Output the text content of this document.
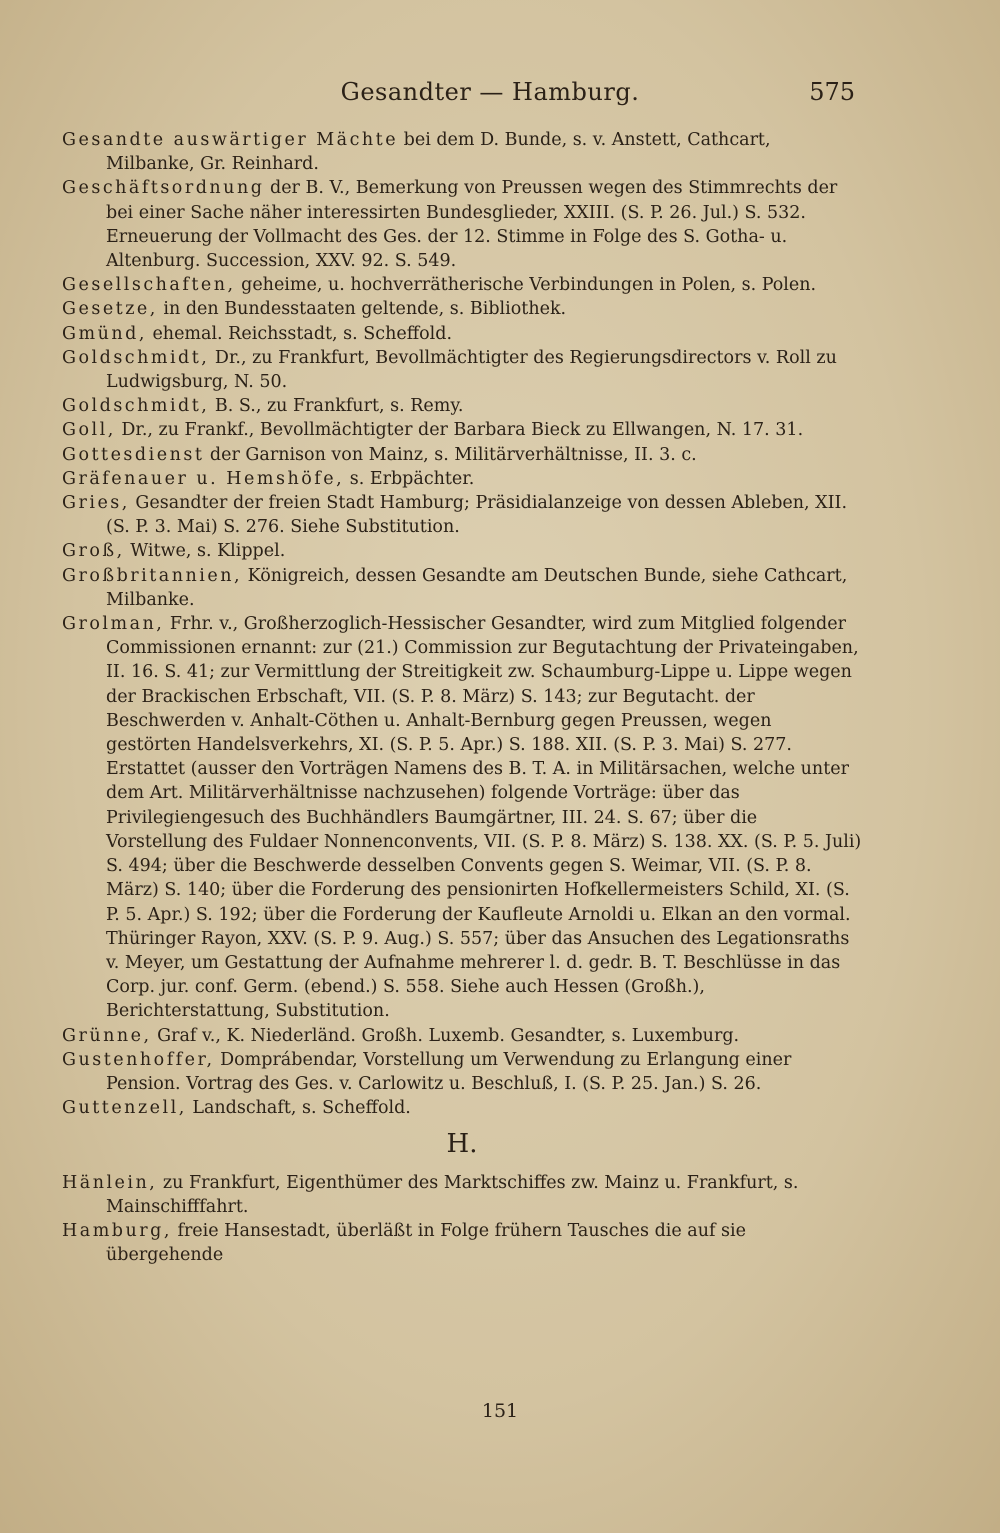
Gesandter — Hamburg.	575

Gesandte auswärtiger Mächte bei dem D. Bunde, s. v. Anstett, Cathcart, Milbanke, Gr. Reinhard.

Geschäftsordnung der B. V., Bemerkung von Preussen wegen des Stimmrechts der bei einer Sache näher interessirten Bundesglieder, XXIII. (S. P. 26. Jul.) S. 532. Erneuerung der Vollmacht des Ges. der 12. Stimme in Folge des S. Gotha- u. Altenburg. Succession, XXV. 92. S. 549.

Gesellschaften, geheime, u. hochverrätherische Verbindungen in Polen, s. Polen.

Gesetze, in den Bundesstaaten geltende, s. Bibliothek.

Gmünd, ehemal. Reichsstadt, s. Scheffold.

Goldschmidt, Dr., zu Frankfurt, Bevollmächtigter des Regierungsdirectors v. Roll zu Ludwigsburg, N. 50.

Goldschmidt, B. S., zu Frankfurt, s. Remy.

Goll, Dr., zu Frankf., Bevollmächtigter der Barbara Bieck zu Ellwangen, N. 17. 31.

Gottesdienst der Garnison von Mainz, s. Militärverhältnisse, II. 3. c.

Gräfenauer u. Hemshöfe, s. Erbpächter.

Gries, Gesandter der freien Stadt Hamburg; Präsidialanzeige von dessen Ableben, XII. (S. P. 3. Mai) S. 276. Siehe Substitution.

Groß, Witwe, s. Klippel.

Großbritannien, Königreich, dessen Gesandte am Deutschen Bunde, siehe Cathcart, Milbanke.

Grolman, Frhr. v., Großherzoglich-Hessischer Gesandter, wird zum Mitglied folgender Commissionen ernannt: zur (21.) Commission zur Begutachtung der Privateingaben, II. 16. S. 41; zur Vermittlung der Streitigkeit zw. Schaumburg-Lippe u. Lippe wegen der Brackischen Erbschaft, VII. (S. P. 8. März) S. 143; zur Begutacht. der Beschwerden v. Anhalt-Cöthen u. Anhalt-Bernburg gegen Preussen, wegen gestörten Handelsverkehrs, XI. (S. P. 5. Apr.) S. 188. XII. (S. P. 3. Mai) S. 277. Erstattet (ausser den Vorträgen Namens des B. T. A. in Militärsachen, welche unter dem Art. Militärverhältnisse nachzusehen) folgende Vorträge: über das Privilegiengesuch des Buchhändlers Baumgärtner, III. 24. S. 67; über die Vorstellung des Fuldaer Nonnenconvents, VII. (S. P. 8. März) S. 138. XX. (S. P. 5. Juli) S. 494; über die Beschwerde desselben Convents gegen S. Weimar, VII. (S. P. 8. März) S. 140; über die Forderung des pensionirten Hofkellermeisters Schild, XI. (S. P. 5. Apr.) S. 192; über die Forderung der Kaufleute Arnoldi u. Elkan an den vormal. Thüringer Rayon, XXV. (S. P. 9. Aug.) S. 557; über das Ansuchen des Legationsraths v. Meyer, um Gestattung der Aufnahme mehrerer l. d. gedr. B. T. Beschlüsse in das Corp. jur. conf. Germ. (ebend.) S. 558. Siehe auch Hessen (Großh.), Berichterstattung, Substitution.

Grünne, Graf v., K. Niederländ. Großh. Luxemb. Gesandter, s. Luxemburg.

Gustenhoffer, Domprábendar, Vorstellung um Verwendung zu Erlangung einer Pension. Vortrag des Ges. v. Carlowitz u. Beschluß, I. (S. P. 25. Jan.) S. 26.

Guttenzell, Landschaft, s. Scheffold.

H.

Hänlein, zu Frankfurt, Eigenthümer des Marktschiffes zw. Mainz u. Frankfurt, s. Mainschifffahrt.

Hamburg, freie Hansestadt, überläßt in Folge frühern Tausches die auf sie übergehende

151
